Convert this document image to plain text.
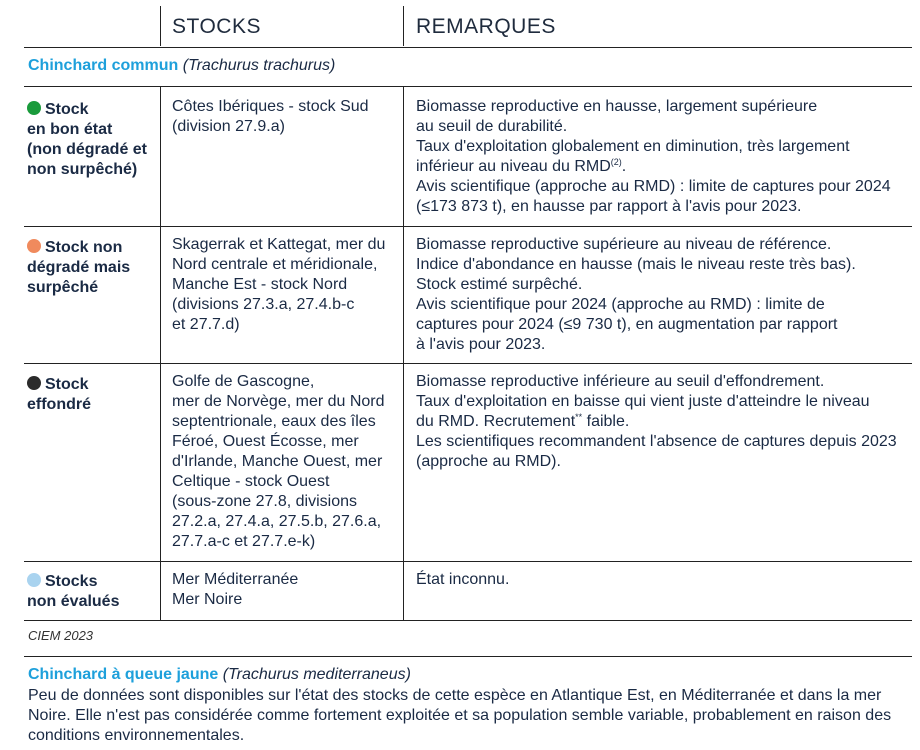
STOCKS	REMARQUES
Chinchard commun (Trachurus trachurus)
Stock
en bon état
(non dégradé et
non surpêché)
Côtes Ibériques - stock Sud
(division 27.9.a)
Biomasse reproductive en hausse, largement supérieure
au seuil de durabilité.
Taux d'exploitation globalement en diminution, très largement
inférieur au niveau du RMD$^{(2)}$.
Avis scientifique (approche au RMD) : limite de captures pour 2024
(≤173 873 t), en hausse par rapport à l'avis pour 2023.
Stock non
dégradé mais
surpêché
Skagerrak et Kattegat, mer du
Nord centrale et méridionale,
Manche Est - stock Nord
(divisions 27.3.a, 27.4.b-c
et 27.7.d)
Biomasse reproductive supérieure au niveau de référence.
Indice d'abondance en hausse (mais le niveau reste très bas).
Stock estimé surpêché.
Avis scientifique pour 2024 (approche au RMD) : limite de
captures pour 2024 (≤9 730 t), en augmentation par rapport
à l'avis pour 2023.
Stock
effondré
Golfe de Gascogne,
mer de Norvège, mer du Nord
septentrionale, eaux des îles
Féroé, Ouest Écosse, mer
d'Irlande, Manche Ouest, mer
Celtique - stock Ouest
(sous-zone 27.8, divisions
27.2.a, 27.4.a, 27.5.b, 27.6.a,
27.7.a-c et 27.7.e-k)
Biomasse reproductive inférieure au seuil d'effondrement.
Taux d'exploitation en baisse qui vient juste d'atteindre le niveau
du RMD. Recrutement** faible.
Les scientifiques recommandent l'absence de captures depuis 2023
(approche au RMD).
Stocks
non évalués
Mer Méditerranée
Mer Noire
État inconnu.
CIEM 2023
Chinchard à queue jaune (Trachurus mediterraneus)
Peu de données sont disponibles sur l'état des stocks de cette espèce en Atlantique Est, en Méditerranée et dans la mer
Noire. Elle n'est pas considérée comme fortement exploitée et sa population semble variable, probablement en raison des
conditions environnementales.
